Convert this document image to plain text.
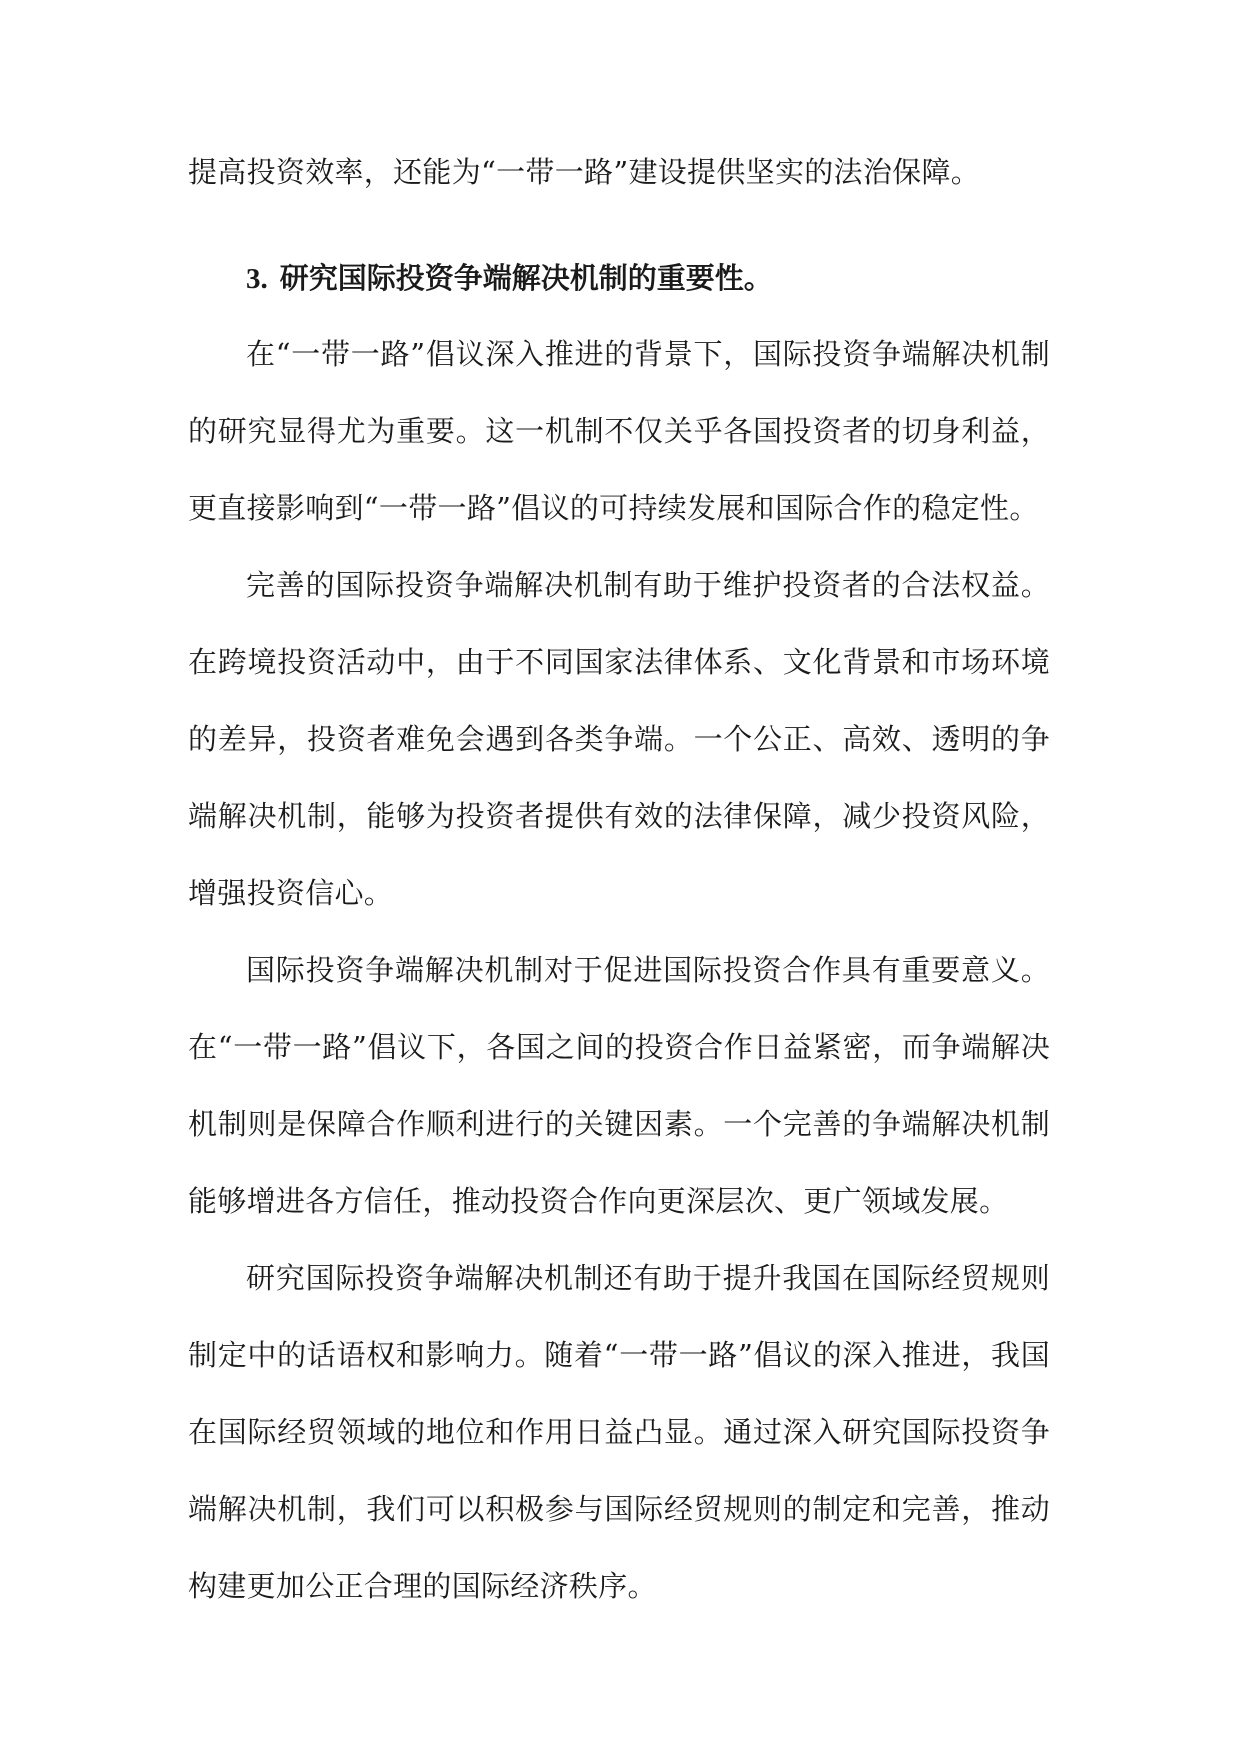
提高投资效率，还能为“一带一路”建设提供坚实的法治保障。
3. 研究国际投资争端解决机制的重要性。
在“一带一路”倡议深入推进的背景下，国际投资争端解决机制的研究显得尤为重要。这一机制不仅关乎各国投资者的切身利益，更直接影响到“一带一路”倡议的可持续发展和国际合作的稳定性。
完善的国际投资争端解决机制有助于维护投资者的合法权益。在跨境投资活动中，由于不同国家法律体系、文化背景和市场环境的差异，投资者难免会遇到各类争端。一个公正、高效、透明的争端解决机制，能够为投资者提供有效的法律保障，减少投资风险，增强投资信心。
国际投资争端解决机制对于促进国际投资合作具有重要意义。在“一带一路”倡议下，各国之间的投资合作日益紧密，而争端解决机制则是保障合作顺利进行的关键因素。一个完善的争端解决机制能够增进各方信任，推动投资合作向更深层次、更广领域发展。
研究国际投资争端解决机制还有助于提升我国在国际经贸规则制定中的话语权和影响力。随着“一带一路”倡议的深入推进，我国在国际经贸领域的地位和作用日益凸显。通过深入研究国际投资争端解决机制，我们可以积极参与国际经贸规则的制定和完善，推动构建更加公正合理的国际经济秩序。
